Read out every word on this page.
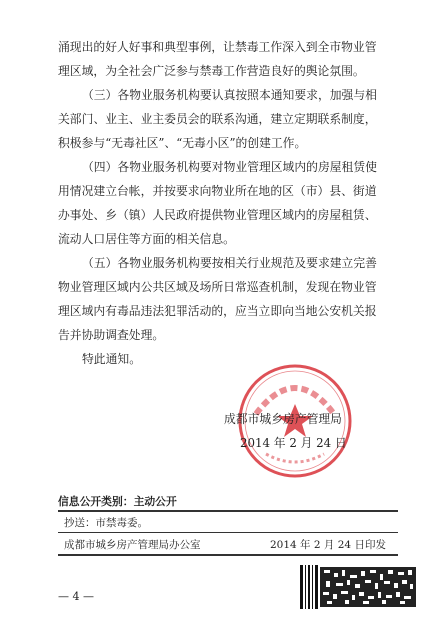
涌现出的好人好事和典型事例，让禁毒工作深入到全市物业管
理区域，为全社会广泛参与禁毒工作营造良好的舆论氛围。
（三）各物业服务机构要认真按照本通知要求，加强与相
关部门、业主、业主委员会的联系沟通，建立定期联系制度，
积极参与“无毒社区”、“无毒小区”的创建工作。
（四）各物业服务机构要对物业管理区域内的房屋租赁使
用情况建立台帐，并按要求向物业所在地的区（市）县、街道
办事处、乡（镇）人民政府提供物业管理区域内的房屋租赁、
流动人口居住等方面的相关信息。
（五）各物业服务机构要按相关行业规范及要求建立完善
物业管理区域内公共区域及场所日常巡查机制，发现在物业管
理区域内有毒品违法犯罪活动的，应当立即向当地公安机关报
告并协助调查处理。
特此通知。
成都市城乡房产管理局
2014 年 2 月 24 日
信息公开类别：主动公开
抄送：市禁毒委。
成都市城乡房产管理局办公室	2014 年 2 月 24 日印发
— 4 —
